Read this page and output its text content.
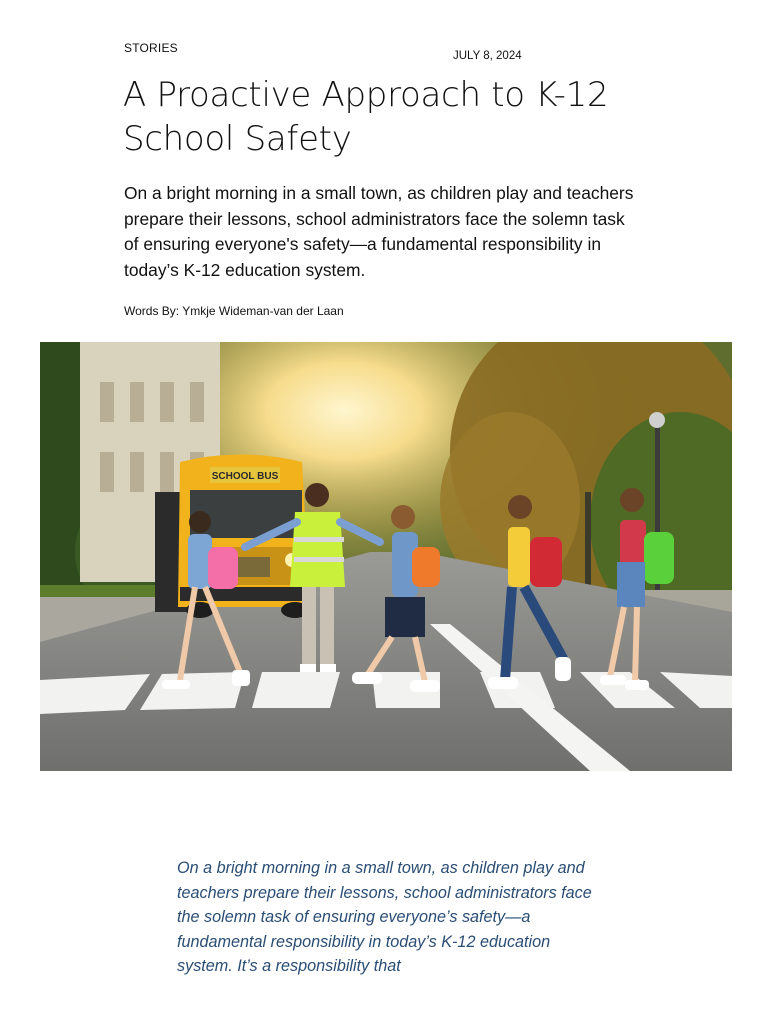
STORIES
JULY 8, 2024
A Proactive Approach to K-12 School Safety

On a bright morning in a small town, as children play and teachers prepare their lessons, school administrators face the solemn task of ensuring everyone's safety—a fundamental responsibility in today’s K-12 education system.

Words By: Ymkje Wideman-van der Laan
SCHOOL BUS

On a bright morning in a small town, as children play and teachers prepare their lessons, school administrators face the solemn task of ensuring everyone’s safety—a fundamental responsibility in today’s K-12 education system. It’s a responsibility that
